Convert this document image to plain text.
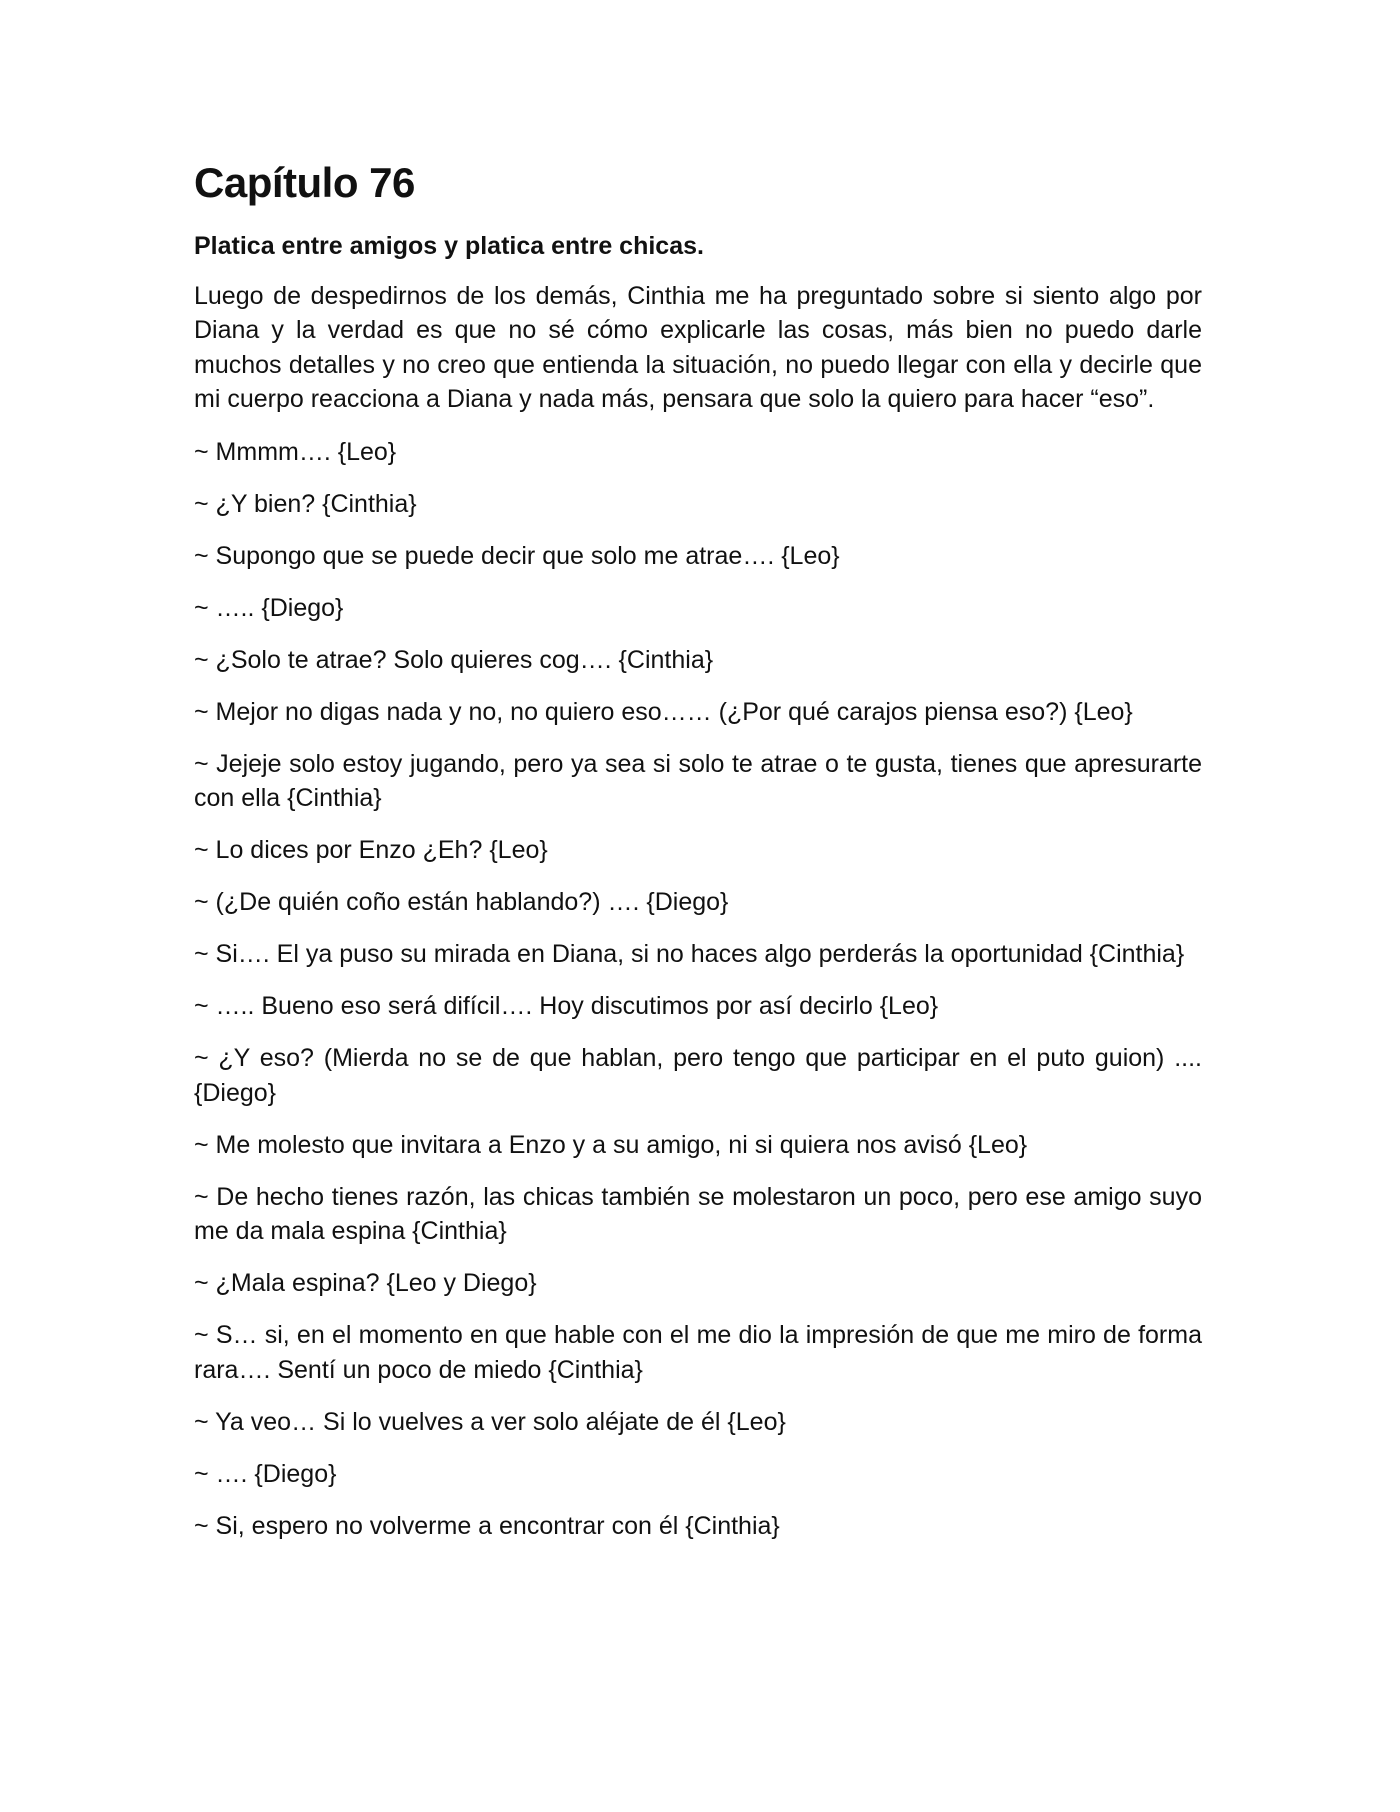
Capítulo 76
Platica entre amigos y platica entre chicas.

Luego de despedirnos de los demás, Cinthia me ha preguntado sobre si siento algo por Diana y la verdad es que no sé cómo explicarle las cosas, más bien no puedo darle muchos detalles y no creo que entienda la situación, no puedo llegar con ella y decirle que mi cuerpo reacciona a Diana y nada más, pensara que solo la quiero para hacer “eso”.

~ Mmmm…. {Leo}
~ ¿Y bien? {Cinthia}
~ Supongo que se puede decir que solo me atrae…. {Leo}
~ ….. {Diego}
~ ¿Solo te atrae? Solo quieres cog…. {Cinthia}
~ Mejor no digas nada y no, no quiero eso…… (¿Por qué carajos piensa eso?) {Leo}
~ Jejeje solo estoy jugando, pero ya sea si solo te atrae o te gusta, tienes que apresurarte con ella {Cinthia}
~ Lo dices por Enzo ¿Eh? {Leo}
~ (¿De quién coño están hablando?) …. {Diego}
~ Si…. El ya puso su mirada en Diana, si no haces algo perderás la oportunidad {Cinthia}
~ ….. Bueno eso será difícil…. Hoy discutimos por así decirlo {Leo}
~ ¿Y eso? (Mierda no se de que hablan, pero tengo que participar en el puto guion) .... {Diego}
~ Me molesto que invitara a Enzo y a su amigo, ni si quiera nos avisó {Leo}
~ De hecho tienes razón, las chicas también se molestaron un poco, pero ese amigo suyo me da mala espina {Cinthia}
~ ¿Mala espina? {Leo y Diego}
~ S… si, en el momento en que hable con el me dio la impresión de que me miro de forma rara…. Sentí un poco de miedo {Cinthia}
~ Ya veo… Si lo vuelves a ver solo aléjate de él {Leo}
~ …. {Diego}
~ Si, espero no volverme a encontrar con él {Cinthia}
